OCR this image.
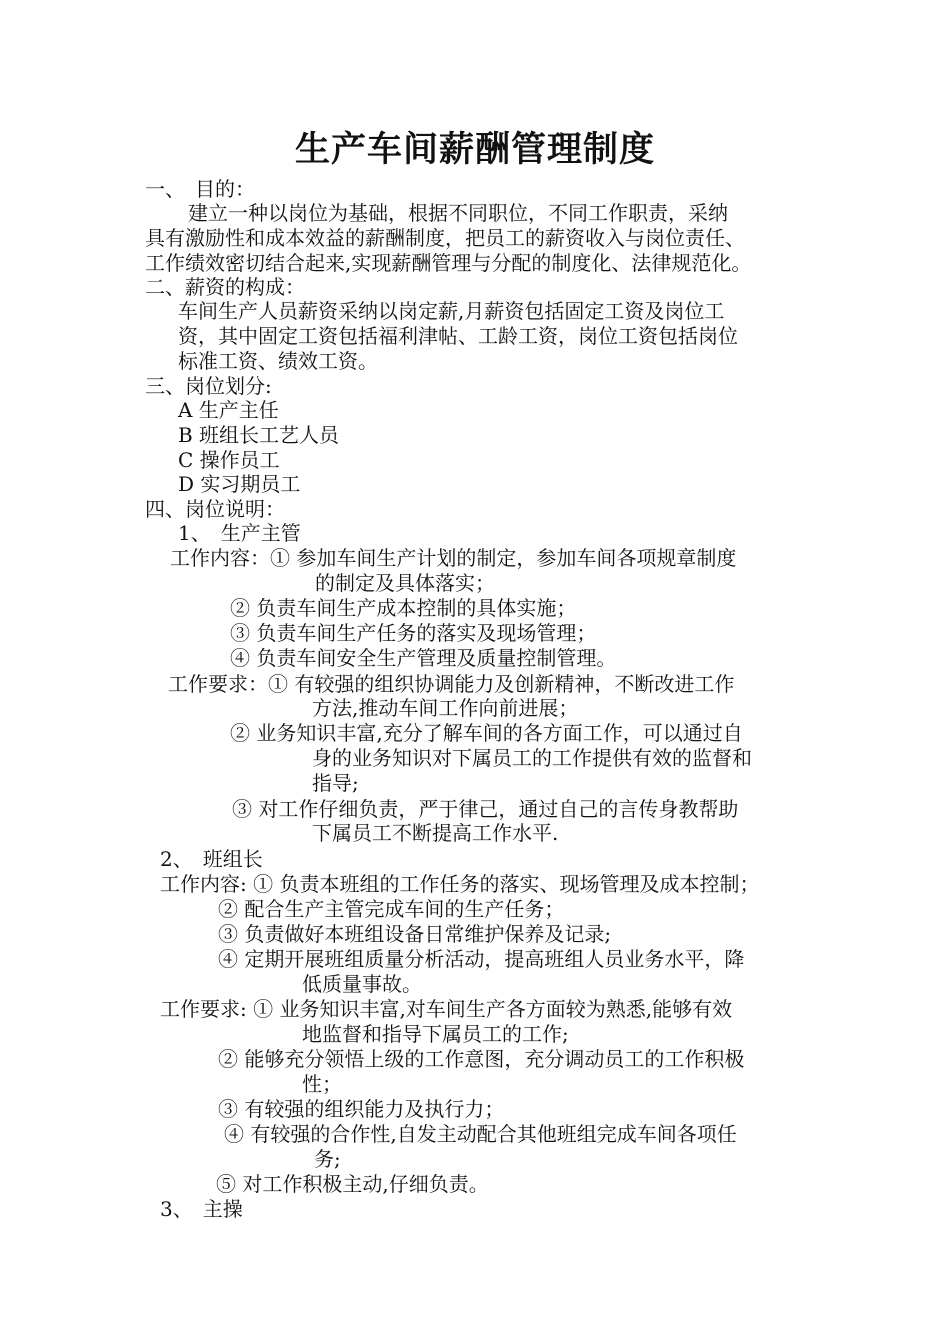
生产车间薪酬管理制度
一、　目的：
建立一种以岗位为基础，根据不同职位，不同工作职责，采纳
具有激励性和成本效益的薪酬制度，把员工的薪资收入与岗位责任、
工作绩效密切结合起来,实现薪酬管理与分配的制度化、法律规范化。
二、薪资的构成：
车间生产人员薪资采纳以岗定薪,月薪资包括固定工资及岗位工
资，其中固定工资包括福利津帖、工龄工资，岗位工资包括岗位
标准工资、绩效工资。
三、岗位划分:
A 生产主任
B 班组长工艺人员
C 操作员工
D 实习期员工
四、岗位说明：
1、　生产主管
工作内容：① 参加车间生产计划的制定，参加车间各项规章制度
的制定及具体落实；
② 负责车间生产成本控制的具体实施；
③ 负责车间生产任务的落实及现场管理；
④ 负责车间安全生产管理及质量控制管理。
工作要求：① 有较强的组织协调能力及创新精神，不断改进工作
方法,推动车间工作向前进展；
② 业务知识丰富,充分了解车间的各方面工作，可以通过自
身的业务知识对下属员工的工作提供有效的监督和
指导;
③ 对工作仔细负责，严于律己，通过自己的言传身教帮助
下属员工不断提高工作水平.
2、　班组长
工作内容: ① 负责本班组的工作任务的落实、现场管理及成本控制；
② 配合生产主管完成车间的生产任务；
③ 负责做好本班组设备日常维护保养及记录;
④ 定期开展班组质量分析活动，提高班组人员业务水平，降
低质量事故。
工作要求: ① 业务知识丰富,对车间生产各方面较为熟悉,能够有效
地监督和指导下属员工的工作;
② 能够充分领悟上级的工作意图，充分调动员工的工作积极
性；
③ 有较强的组织能力及执行力；
④ 有较强的合作性,自发主动配合其他班组完成车间各项任
务;
⑤ 对工作积极主动,仔细负责。
3、　主操
